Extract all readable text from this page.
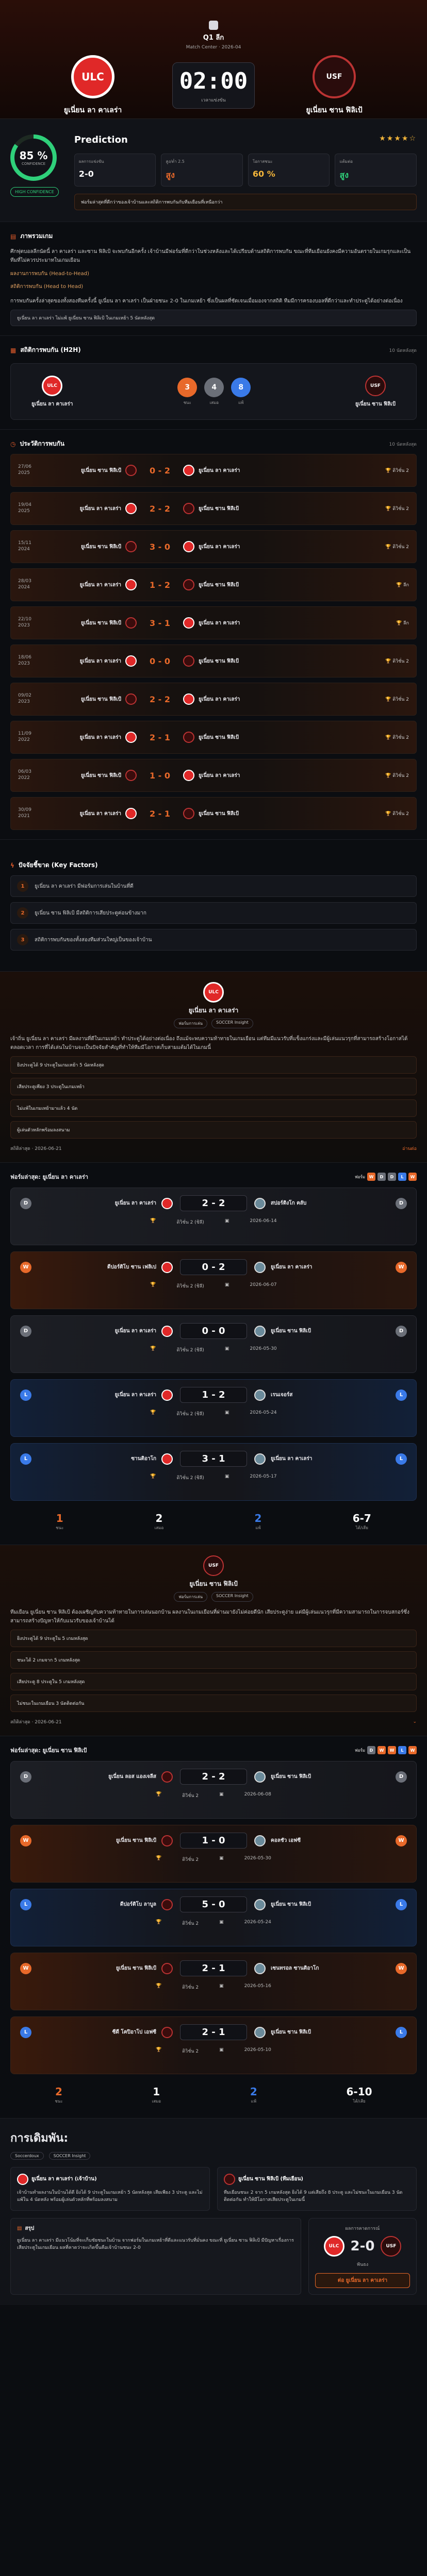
Q1 ลีก
Match Center · 2026-04
ULC
ยูเนี่ยน ลา คาเลร่า
02:00
เวลาแข่งขัน
USF
ยูเนี่ยน ซาน ฟิลิเป้
85 %
CONFIDENCE
HIGH CONFIDENCE
Prediction	★★★★☆
ผลการแข่งขัน
2-0
สูง/ต่ำ 2.5
สูง
โอกาสชนะ
60 %
แต้มต่อ
สูง
ฟอร์มล่าสุดที่ดีกว่าของเจ้าบ้านและสถิติการพบกันกับทีมเยือนที่เหนือกว่า
▤ ภาพรวมเกม
ศึกฟุตบอลลีกนัดนี้ ลา คาเลร่า และซาน ฟิลิเป้ จะพบกันอีกครั้ง เจ้าบ้านมีฟอร์มที่ดีกว่าในช่วงหลังและได้เปรียบด้านสถิติการพบกัน ขณะที่ทีมเยือนยังคงมีความอันตรายในเกมรุกและเป็นทีมที่ไม่ควรประมาทในเกมเยือน
ผลงานการพบกัน (Head-to-Head)
สถิติการพบกัน (Head to Head)
การพบกันครั้งล่าสุดของทั้งสองทีมครั้งนี้ ยูเนี่ยน ลา คาเลร่า เป็นฝ่ายชนะ 2-0 ในเกมเหย้า ซึ่งเป็นผลที่ชัดเจนเมื่อมองจากสถิติ ทีมมีการครองบอลที่ดีกว่าและทำประตูได้อย่างต่อเนื่อง
ยูเนี่ยน ลา คาเลร่า ไม่แพ้ ยูเนี่ยน ซาน ฟิลิเป้ ในเกมเหย้า 5 นัดหลังสุด
▦ สถิติการพบกัน (H2H)	10 นัดหลังสุด
ULC
ยูเนี่ยน ลา คาเลร่า
3
ชนะ
4
เสมอ
8
แพ้
USF
ยูเนี่ยน ซาน ฟิลิเป้
◷ ประวัติการพบกัน	10 นัดหลังสุด
27/06
2025	ยูเนี่ยน ซาน ฟิลิเป้	0 - 2	ยูเนี่ยน ลา คาเลร่า	🏆 ดิวิชั่น 2
19/04
2025	ยูเนี่ยน ลา คาเลร่า	2 - 2	ยูเนี่ยน ซาน ฟิลิเป้	🏆 ดิวิชั่น 2
15/11
2024	ยูเนี่ยน ซาน ฟิลิเป้	3 - 0	ยูเนี่ยน ลา คาเลร่า	🏆 ดิวิชั่น 2
28/03
2024	ยูเนี่ยน ลา คาเลร่า	1 - 2	ยูเนี่ยน ซาน ฟิลิเป้	🏆 ลีก
22/10
2023	ยูเนี่ยน ซาน ฟิลิเป้	3 - 1	ยูเนี่ยน ลา คาเลร่า	🏆 ลีก
18/06
2023	ยูเนี่ยน ลา คาเลร่า	0 - 0	ยูเนี่ยน ซาน ฟิลิเป้	🏆 ดิวิชั่น 2
09/02
2023	ยูเนี่ยน ซาน ฟิลิเป้	2 - 2	ยูเนี่ยน ลา คาเลร่า	🏆 ดิวิชั่น 2
11/09
2022	ยูเนี่ยน ลา คาเลร่า	2 - 1	ยูเนี่ยน ซาน ฟิลิเป้	🏆 ดิวิชั่น 2
06/03
2022	ยูเนี่ยน ซาน ฟิลิเป้	1 - 0	ยูเนี่ยน ลา คาเลร่า	🏆 ดิวิชั่น 2
30/09
2021	ยูเนี่ยน ลา คาเลร่า	2 - 1	ยูเนี่ยน ซาน ฟิลิเป้	🏆 ดิวิชั่น 2
ϟ ปัจจัยชี้ขาด (Key Factors)
1	ยูเนี่ยน ลา คาเลร่า มีฟอร์มการเล่นในบ้านที่ดี
2	ยูเนี่ยน ซาน ฟิลิเป้ มีสถิติการเสียประตูค่อนข้างมาก
3	สถิติการพบกันของทั้งสองทีมส่วนใหญ่เป็นของเจ้าบ้าน
ULC
ยูเนี่ยน ลา คาเลร่า
ฟอร์มการเล่น	SOCCER Insight
เจ้าถิ่น ยูเนี่ยน ลา คาเลร่า มีผลงานที่ดีในเกมเหย้า ทำประตูได้อย่างต่อเนื่อง ถึงแม้จะพบความท้าทายในเกมเยือน แต่ทีมมีแนวรับที่แข็งแกร่งและมีผู้เล่นแนวรุกที่สามารถสร้างโอกาสได้ตลอดเวลา การที่ได้เล่นในบ้านจะเป็นปัจจัยสำคัญที่ทำให้ทีมมีโอกาสเก็บสามแต้มได้ในเกมนี้
ยิงประตูได้ 9 ประตูในเกมเหย้า 5 นัดหลังสุด
เสียประตูเพียง 3 ประตูในเกมเหย้า
ไม่แพ้ในเกมเหย้ามาแล้ว 4 นัด
ผู้เล่นตัวหลักพร้อมลงสนาม
สถิติล่าสุด · 2026-06-21	อ่านต่อ
ฟอร์มล่าสุด: ยูเนี่ยน ลา คาเลร่า	ฟอร์ม W	D	D	L	W
D	ยูเนี่ยน ลา คาเลร่า	2 - 2	สปอร์ติงโก คลับ	D
🏆	ดิวิชั่น 2 (ชิลี)	▣	2026-06-14
W	ดีปอร์ติโบ ซาน เฟลิเป	0 - 2	ยูเนี่ยน ลา คาเลร่า	W
🏆	ดิวิชั่น 2 (ชิลี)	▣	2026-06-07
D	ยูเนี่ยน ลา คาเลร่า	0 - 0	ยูเนี่ยน ซาน ฟิลิเป้	D
🏆	ดิวิชั่น 2 (ชิลี)	▣	2026-05-30
L	ยูเนี่ยน ลา คาเลร่า	1 - 2	เรนเจอร์ส	L
🏆	ดิวิชั่น 2 (ชิลี)	▣	2026-05-24
L	ซานติอาโก	3 - 1	ยูเนี่ยน ลา คาเลร่า	L
🏆	ดิวิชั่น 2 (ชิลี)	▣	2026-05-17
1
ชนะ
2
เสมอ
2
แพ้
6-7
ได้/เสีย
USF
ยูเนี่ยน ซาน ฟิลิเป้
ฟอร์มการเล่น	SOCCER Insight
ทีมเยือน ยูเนี่ยน ซาน ฟิลิเป้ ต้องเผชิญกับความท้าทายในการเล่นนอกบ้าน ผลงานในเกมเยือนที่ผ่านมายังไม่ค่อยดีนัก เสียประตูง่าย แต่มีผู้เล่นแนวรุกที่มีความสามารถในการจบสกอร์ซึ่งสามารถสร้างปัญหาให้กับแนวรับของเจ้าบ้านได้
ยิงประตูได้ 9 ประตูใน 5 เกมหลังสุด
ชนะได้ 2 เกมจาก 5 เกมหลังสุด
เสียประตู 8 ประตูใน 5 เกมหลังสุด
ไม่ชนะในเกมเยือน 3 นัดติดต่อกัน
สถิติล่าสุด · 2026-06-21	⌄
ฟอร์มล่าสุด: ยูเนี่ยน ซาน ฟิลิเป้	ฟอร์ม	D	W	W	L	W
D	ยูเนี่ยน ลอส แองเจลีส	2 - 2	ยูเนี่ยน ซาน ฟิลิเป้	D
🏆	ดิวิชั่น 2	▣	2026-06-08
W	ยูเนี่ยน ซาน ฟิลิเป้	1 - 0	คอลชัว เอฟซี	W
🏆	ดิวิชั่น 2	▣	2026-05-30
L	ดีปอร์ติโบ ลาบูล	5 - 0	ยูเนี่ยน ซาน ฟิลิเป้	L
🏆	ดิวิชั่น 2	▣	2026-05-24
W	ยูเนี่ยน ซาน ฟิลิเป้	2 - 1	เซนทรอล ซานติอาโก	W
🏆	ดิวิชั่น 2	▣	2026-05-16
L	ซีดี โคปิอาโป เอฟซี	2 - 1	ยูเนี่ยน ซาน ฟิลิเป้	L
🏆	ดิวิชั่น 2	▣	2026-05-10
2
ชนะ
1
เสมอ
2
แพ้
6-10
ได้/เสีย
การเดิมพัน:
Soccerdoux	SOCCER Insight
ยูเนี่ยน ลา คาเลร่า (เจ้าบ้าน)
เจ้าบ้านทำผลงานในบ้านได้ดี ยิงได้ 9 ประตูในเกมเหย้า 5 นัดหลังสุด เสียเพียง 3 ประตู และไม่แพ้ใน 4 นัดหลัง พร้อมผู้เล่นตัวหลักที่พร้อมลงสนาม
ยูเนี่ยน ซาน ฟิลิเป้ (ทีมเยือน)
ทีมเยือนชนะ 2 จาก 5 เกมหลังสุด ยิงได้ 9 แต่เสียถึง 8 ประตู และไม่ชนะในเกมเยือน 3 นัดติดต่อกัน ทำให้มีโอกาสเสียประตูในเกมนี้
▤ สรุป
ยูเนี่ยน ลา คาเลร่า มีแนวโน้มที่จะเก็บชัยชนะในบ้าน จากฟอร์มในเกมเหย้าที่ดีและแนวรับที่มั่นคง ขณะที่ ยูเนี่ยน ซาน ฟิลิเป้ มีปัญหาเรื่องการเสียประตูในเกมเยือน ผลที่คาดว่าจะเกิดขึ้นคือเจ้าบ้านชนะ 2-0
ผลการคาดการณ์
ULC 2-0	USF
ฟันธง
ต่อ ยูเนี่ยน ลา คาเลร่า
